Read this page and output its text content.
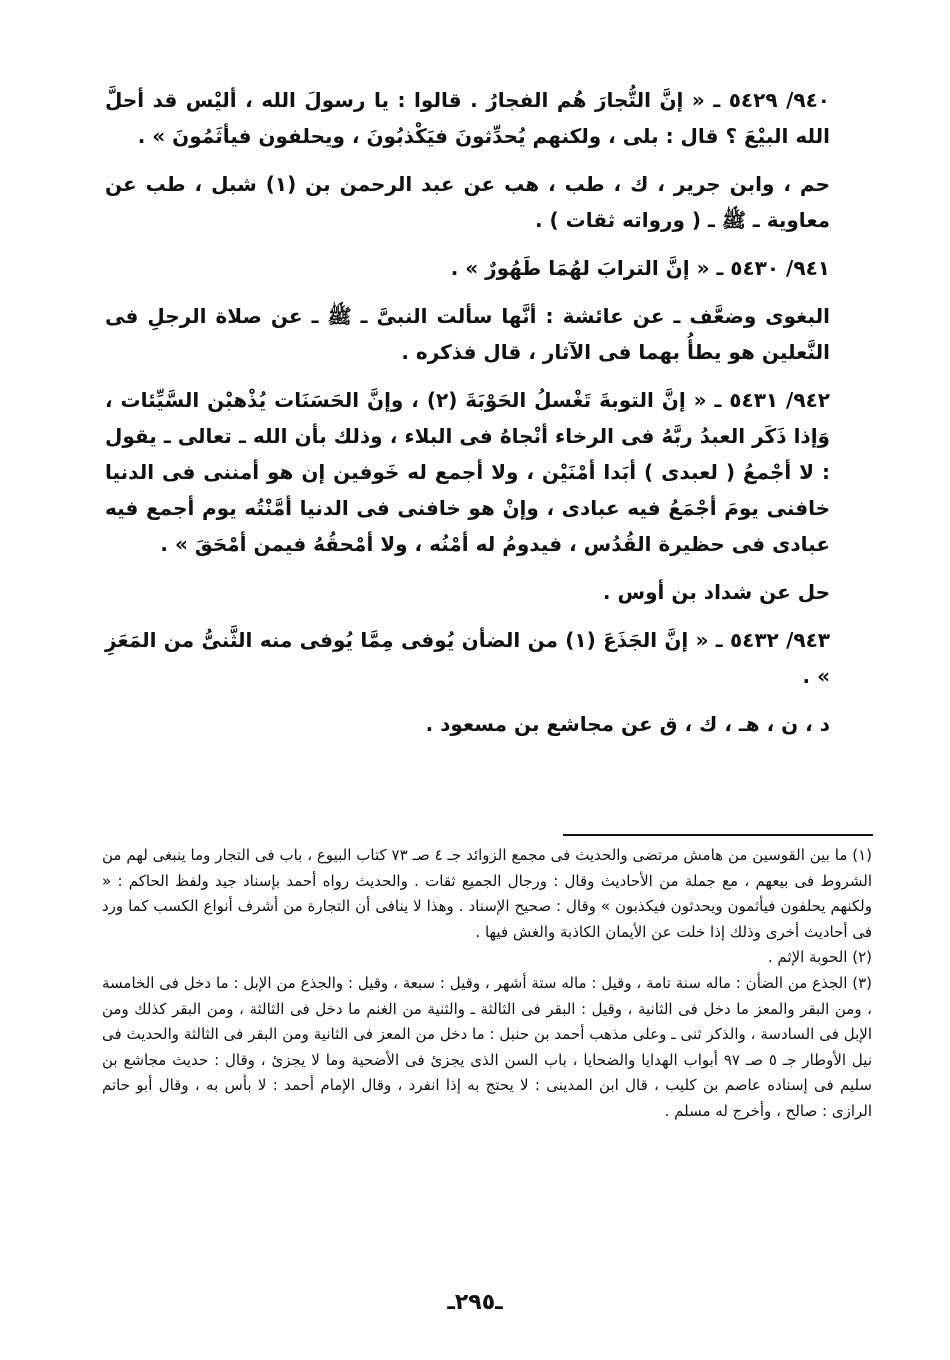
٩٤٠/ ٥٤٢٩ ـ « إنَّ التُّجارَ هُم الفجارُ . قالوا : يا رسولَ الله ، أليْس قد أحلَّ الله البيْعَ ؟ قال : بلى ، ولكنهم يُحدِّثونَ فيَكْذبُونَ ، ويحلفون فيأثَمُونَ » .

حم ، وابن جرير ، ك ، طب ، هب عن عبد الرحمن بن (١) شبل ، طب عن معاوية ـ ﷺ ـ ( ورواته ثقات ) .

٩٤١/ ٥٤٣٠ ـ « إنَّ الترابَ لهُمَا طَهُورٌ » .

البغوى وضعَّف ـ عن عائشة : أنَّها سألت النبىَّ ـ ﷺ ـ عن صلاة الرجلِ فى النَّعلين هو يطأُ بهما فى الآثار ، قال فذكره .

٩٤٢/ ٥٤٣١ ـ « إنَّ التوبةَ تَغْسلُ الحَوْبَةَ (٢) ، وإنَّ الحَسَنَات يُذْهبْن السَّيِّئات ، وَإذا ذَكَر العبدُ ربَّهُ فى الرخاء أنْجاهُ فى البلاء ، وذلك بأن الله ـ تعالى ـ يقول : لا أجْمعُ ( لعبدى ) أبَدا أمْنَيْن ، ولا أجمع له خَوفين إن هو أمننى فى الدنيا خافنى يومَ أجْمَعُ فيه عبادى ، وإنْ هو خافنى فى الدنيا أمَّنْتُه يوم أجمع فيه عبادى فى حظيرة القُدُس ، فيدومُ له أمْنُه ، ولا أمْحقُهُ فيمن أمْحَقَ » .

حل عن شداد بن أوس .

٩٤٣/ ٥٤٣٢ ـ « إنَّ الجَذَعَ (١) من الضأن يُوفى مِمَّا يُوفى منه الثَّنىُّ من المَعَزِ » .

د ، ن ، هـ ، ك ، ق عن مجاشع بن مسعود .

(١) ما بين القوسين من هامش مرتضى والحديث فى مجمع الزوائد جـ ٤ صـ ٧٣ كتاب البيوع ، باب فى التجار وما ينبغى لهم من الشروط فى بيعهم ، مع جملة من الأحاديث وقال : ورجال الجميع ثقات . والحديث رواه أحمد بإسناد جيد ولفظ الحاكم : « ولكنهم يحلفون فيأثمون ويحدثون فيكذبون » وقال : صحيح الإسناد . وهذا لا ينافى أن التجارة من أشرف أنواع الكسب كما ورد فى أحاديث أخرى وذلك إذا خلت عن الأيمان الكاذبة والغش فيها .

(٢) الحوبة الإثم .

(٣) الجذع من الضأن : ماله سنة تامة ، وقيل : ماله ستة أشهر ، وقيل : سبعة ، وقيل : والجذع من الإبل : ما دخل فى الخامسة ، ومن البقر والمعز ما دخل فى الثانية ، وقيل : البقر فى الثالثة ـ والثنية من الغنم ما دخل فى الثالثة ، ومن البقر كذلك ومن الإبل فى السادسة ، والذكر ثنى ـ وعلى مذهب أحمد بن حنبل : ما دخل من المعز فى الثانية ومن البقر فى الثالثة والحديث فى نيل الأوطار جـ ٥ صـ ٩٧ أبواب الهدايا والضحايا ، باب السن الذى يجزئ فى الأضحية وما لا يجزئ ، وقال : حديث مجاشع بن سليم فى إسناده عاصم بن كليب ، قال ابن المدينى : لا يحتج به إذا انفرد ، وقال الإمام أحمد : لا بأس به ، وقال أبو حاتم الرازى : صالح ، وأخرج له مسلم .

ـ٢٩٥ـ
